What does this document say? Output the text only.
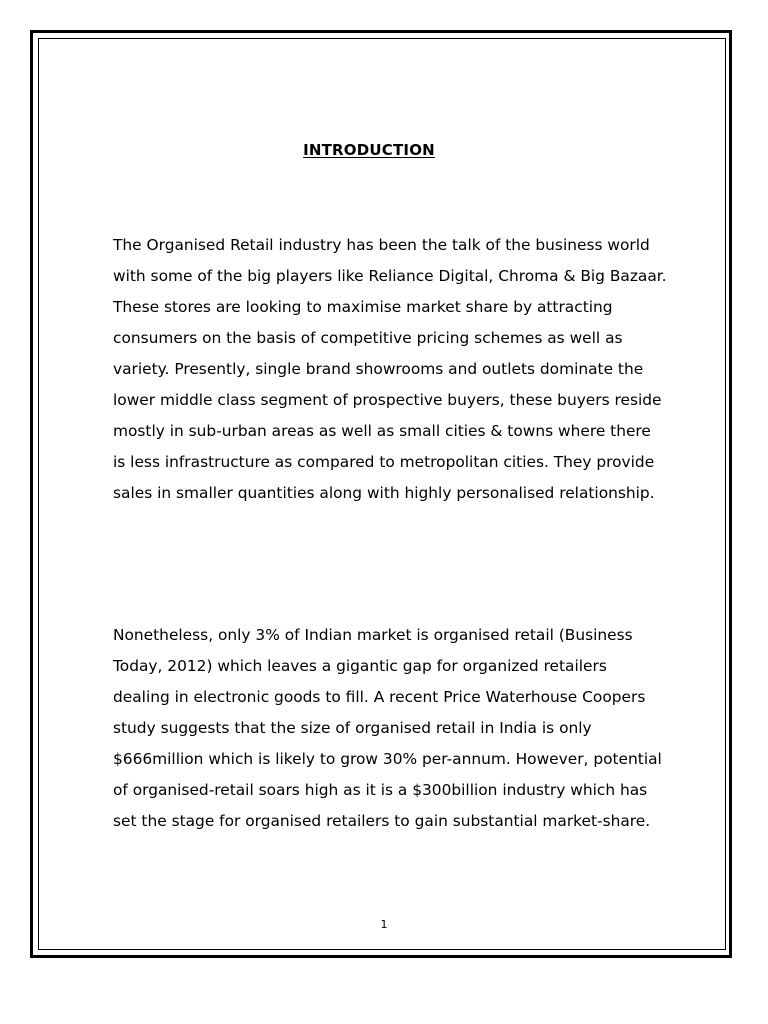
INTRODUCTION

The Organised Retail industry has been the talk of the business world with some of the big players like Reliance Digital, Chroma & Big Bazaar. These stores are looking to maximise market share by attracting consumers on the basis of competitive pricing schemes as well as variety. Presently, single brand showrooms and outlets dominate the lower middle class segment of prospective buyers, these buyers reside mostly in sub-urban areas as well as small cities & towns where there is less infrastructure as compared to metropolitan cities. They provide sales in smaller quantities along with highly personalised relationship.

Nonetheless, only 3% of Indian market is organised retail (Business Today, 2012) which leaves a gigantic gap for organized retailers dealing in electronic goods to fill. A recent Price Waterhouse Coopers study suggests that the size of organised retail in India is only $666million which is likely to grow 30% per-annum. However, potential of organised-retail soars high as it is a $300billion industry which has set the stage for organised retailers to gain substantial market-share.

1
